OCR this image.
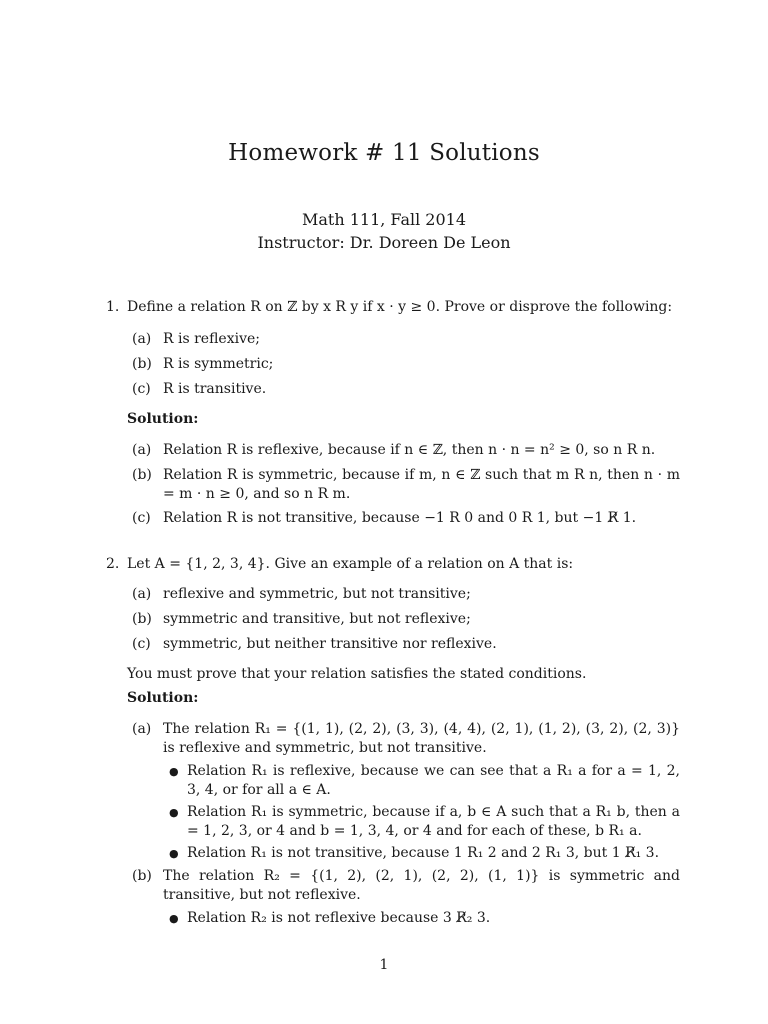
Homework # 11 Solutions
Math 111, Fall 2014
Instructor: Dr. Doreen De Leon
1. Define a relation R on ℤ by x R y if x · y ≥ 0. Prove or disprove the following:
(a) R is reflexive;
(b) R is symmetric;
(c) R is transitive.
Solution:
(a) Relation R is reflexive, because if n ∈ ℤ, then n · n = n² ≥ 0, so n R n.
(b) Relation R is symmetric, because if m, n ∈ ℤ such that m R n, then n · m = m · n ≥ 0, and so n R m.
(c) Relation R is not transitive, because −1 R 0 and 0 R 1, but −1 R̸ 1.
2. Let A = {1, 2, 3, 4}. Give an example of a relation on A that is:
(a) reflexive and symmetric, but not transitive;
(b) symmetric and transitive, but not reflexive;
(c) symmetric, but neither transitive nor reflexive.
You must prove that your relation satisfies the stated conditions.
Solution:
(a) The relation R₁ = {(1, 1), (2, 2), (3, 3), (4, 4), (2, 1), (1, 2), (3, 2), (2, 3)} is reflexive and symmetric, but not transitive.
● Relation R₁ is reflexive, because we can see that a R₁ a for a = 1, 2, 3, 4, or for all a ∈ A.
● Relation R₁ is symmetric, because if a, b ∈ A such that a R₁ b, then a = 1, 2, 3, or 4 and b = 1, 3, 4, or 4 and for each of these, b R₁ a.
● Relation R₁ is not transitive, because 1 R₁ 2 and 2 R₁ 3, but 1 R̸₁ 3.
(b) The relation R₂ = {(1, 2), (2, 1), (2, 2), (1, 1)} is symmetric and transitive, but not reflexive.
● Relation R₂ is not reflexive because 3 R̸₂ 3.
1
